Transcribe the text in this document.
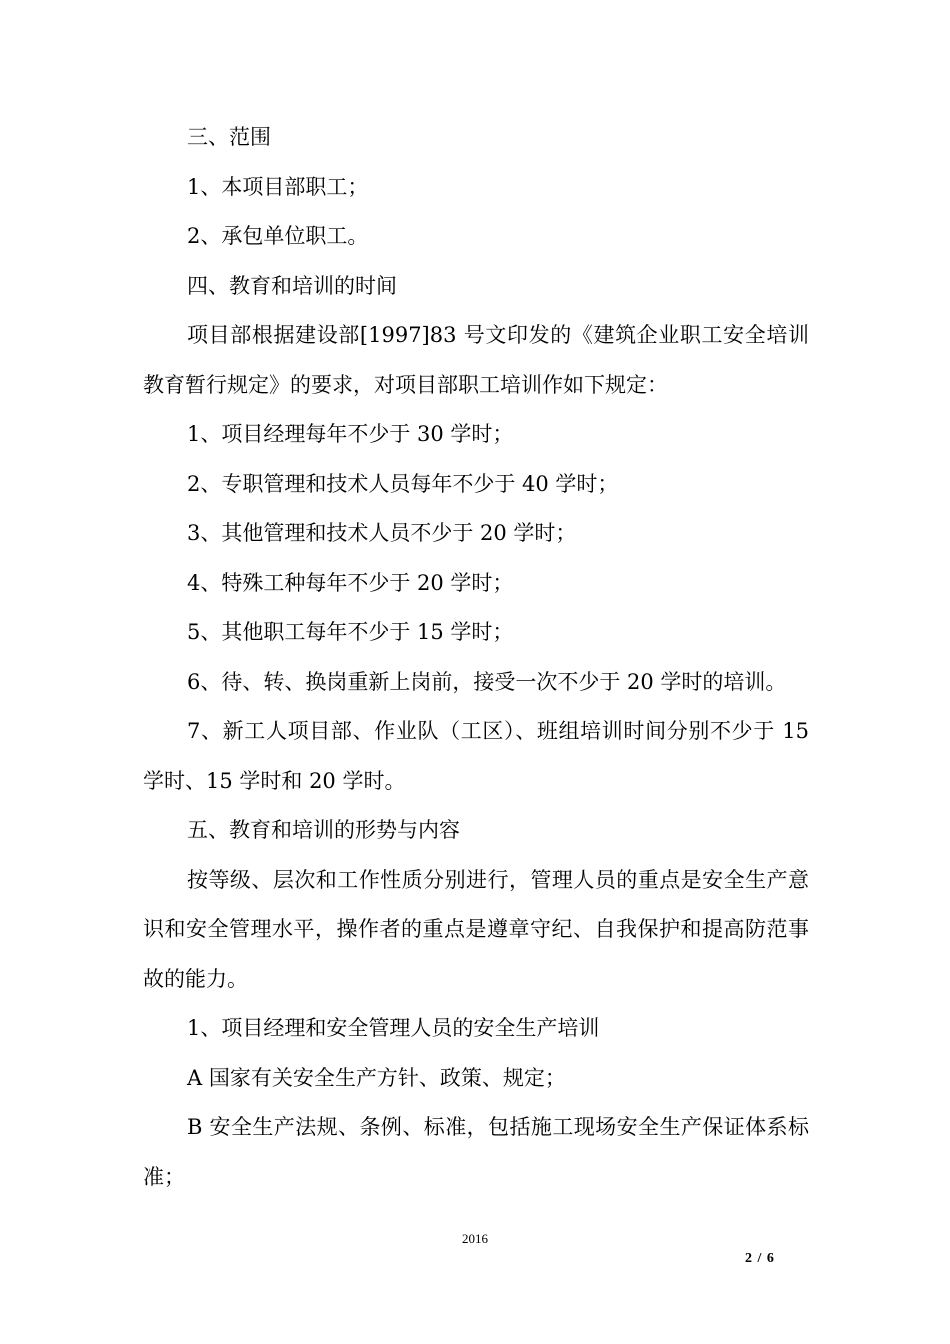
三、范围

1、本项目部职工；

2、承包单位职工。

四、教育和培训的时间

项目部根据建设部[1997]83 号文印发的《建筑企业职工安全培训教育暂行规定》的要求，对项目部职工培训作如下规定：

1、项目经理每年不少于 30 学时；

2、专职管理和技术人员每年不少于 40 学时；

3、其他管理和技术人员不少于 20 学时；

4、特殊工种每年不少于 20 学时；

5、其他职工每年不少于 15 学时；

6、待、转、换岗重新上岗前，接受一次不少于 20 学时的培训。

7、新工人项目部、作业队（工区）、班组培训时间分别不少于 15 学时、15 学时和 20 学时。

五、教育和培训的形势与内容

按等级、层次和工作性质分别进行，管理人员的重点是安全生产意识和安全管理水平，操作者的重点是遵章守纪、自我保护和提高防范事故的能力。

1、项目经理和安全管理人员的安全生产培训

A 国家有关安全生产方针、政策、规定；

B 安全生产法规、条例、标准，包括施工现场安全生产保证体系标准；

2016
2 / 6
